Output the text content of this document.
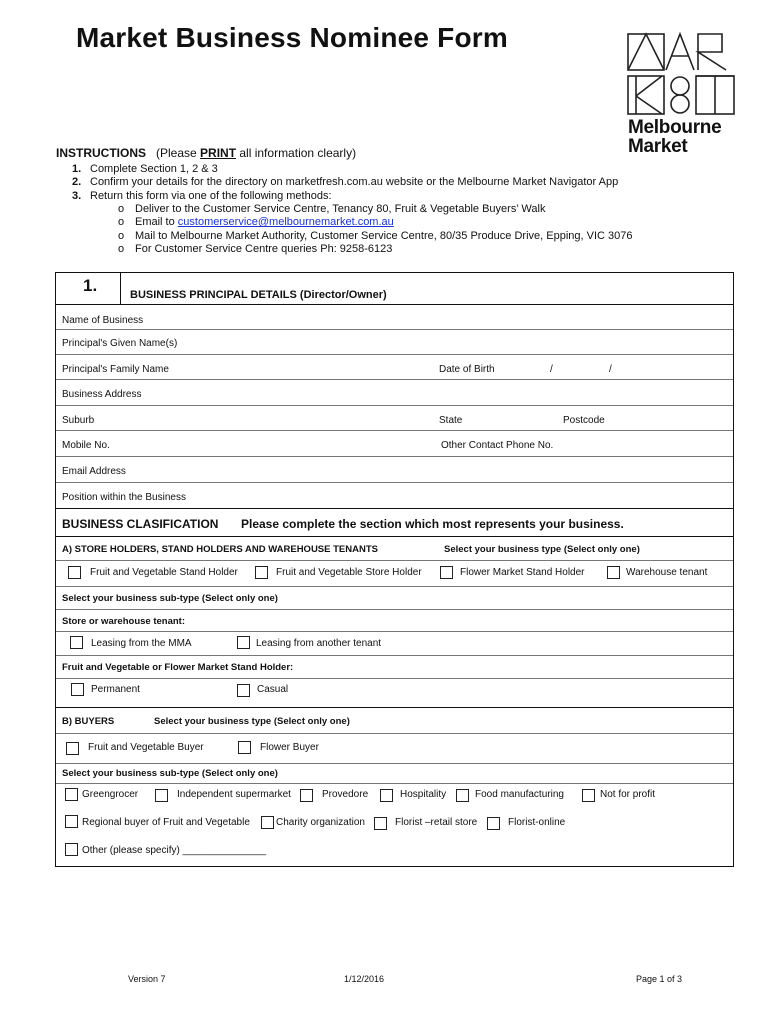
Market Business Nominee Form
Melbourne
Market
INSTRUCTIONS (Please PRINT all information clearly)
1. Complete Section 1, 2 & 3
2. Confirm your details for the directory on marketfresh.com.au website or the Melbourne Market Navigator App
3. Return this form via one of the following methods:
o Deliver to the Customer Service Centre, Tenancy 80, Fruit & Vegetable Buyers’ Walk
o Email to customerservice@melbournemarket.com.au
o Mail to Melbourne Market Authority, Customer Service Centre, 80/35 Produce Drive, Epping, VIC 3076
o For Customer Service Centre queries Ph: 9258-6123
1.	BUSINESS PRINCIPAL DETAILS (Director/Owner)
Name of Business
Principal's Given Name(s)
Principal's Family Name	Date of Birth	/	/
Business Address
Suburb	State	Postcode
Mobile No.	Other Contact Phone No.
Email Address
Position within the Business
BUSINESS CLASIFICATION Please complete the section which most represents your business.
A) STORE HOLDERS, STAND HOLDERS AND WAREHOUSE TENANTS	Select your business type (Select only one)
Fruit and Vegetable Stand Holder	Fruit and Vegetable Store Holder	Flower Market Stand Holder	Warehouse tenant
Select your business sub-type (Select only one)
Store or warehouse tenant:
Leasing from the MMA	Leasing from another tenant
Fruit and Vegetable or Flower Market Stand Holder:
Permanent	Casual
B) BUYERS	Select your business type (Select only one)
Fruit and Vegetable Buyer	Flower Buyer
Select your business sub-type (Select only one)
Greengrocer	Independent supermarket	Provedore	Hospitality	Food manufacturing	Not for profit
Regional buyer of Fruit and Vegetable	Charity organization	Florist –retail store	Florist-online
Other (please specify) _______________
Version 7	1/12/2016	Page 1 of 3
